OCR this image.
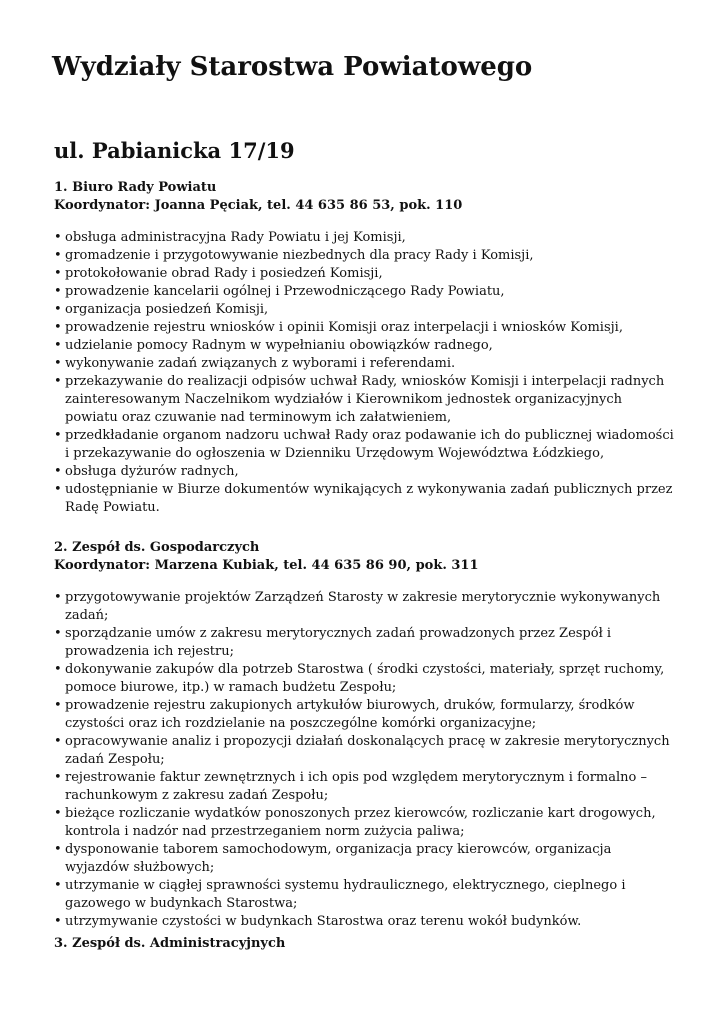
Wydziały Starostwa Powiatowego
ul. Pabianicka 17/19

1. Biuro Rady Powiatu

Koordynator: Joanna Pęciak, tel. 44 635 86 53, pok. 110

• obsługa administracyjna Rady Powiatu i jej Komisji,
• gromadzenie i przygotowywanie niezbednych dla pracy Rady i Komisji,
• protokołowanie obrad Rady i posiedzeń Komisji,
• prowadzenie kancelarii ogólnej i Przewodniczącego Rady Powiatu,
• organizacja posiedzeń Komisji,
• prowadzenie rejestru wniosków i opinii Komisji oraz interpelacji i wniosków Komisji,
• udzielanie pomocy Radnym w wypełnianiu obowiązków radnego,
• wykonywanie zadań związanych z wyborami i referendami.
• przekazywanie do realizacji odpisów uchwał Rady, wniosków Komisji i interpelacji radnych zainteresowanym Naczelnikom wydziałów i Kierownikom jednostek organizacyjnych powiatu oraz czuwanie nad terminowym ich załatwieniem,
• przedkładanie organom nadzoru uchwał Rady oraz podawanie ich do publicznej wiadomości i przekazywanie do ogłoszenia w Dzienniku Urzędowym Województwa Łódzkiego,
• obsługa dyżurów radnych,
• udostępnianie w Biurze dokumentów wynikających z wykonywania zadań publicznych przez Radę Powiatu.

2. Zespół ds. Gospodarczych

Koordynator: Marzena Kubiak, tel. 44 635 86 90, pok. 311

• przygotowywanie projektów Zarządzeń Starosty w zakresie merytorycznie wykonywanych zadań;
• sporządzanie umów z zakresu merytorycznych zadań prowadzonych przez Zespół i prowadzenia ich rejestru;
• dokonywanie zakupów dla potrzeb Starostwa ( środki czystości, materiały, sprzęt ruchomy, pomoce biurowe, itp.) w ramach budżetu Zespołu;
• prowadzenie rejestru zakupionych artykułów biurowych, druków, formularzy, środków czystości oraz ich rozdzielanie na poszczególne komórki organizacyjne;
• opracowywanie analiz i propozycji działań doskonalących pracę w zakresie merytorycznych zadań Zespołu;
• rejestrowanie faktur zewnętrznych i ich opis pod względem merytorycznym i formalno – rachunkowym z zakresu zadań Zespołu;
• bieżące rozliczanie wydatków ponoszonych przez kierowców, rozliczanie kart drogowych, kontrola i nadzór nad przestrzeganiem norm zużycia paliwa;
• dysponowanie taborem samochodowym, organizacja pracy kierowców, organizacja wyjazdów służbowych;
• utrzymanie w ciągłej sprawności systemu hydraulicznego, elektrycznego, cieplnego i gazowego w budynkach Starostwa;
• utrzymywanie czystości w budynkach Starostwa oraz terenu wokół budynków.

3. Zespół ds. Administracyjnych
